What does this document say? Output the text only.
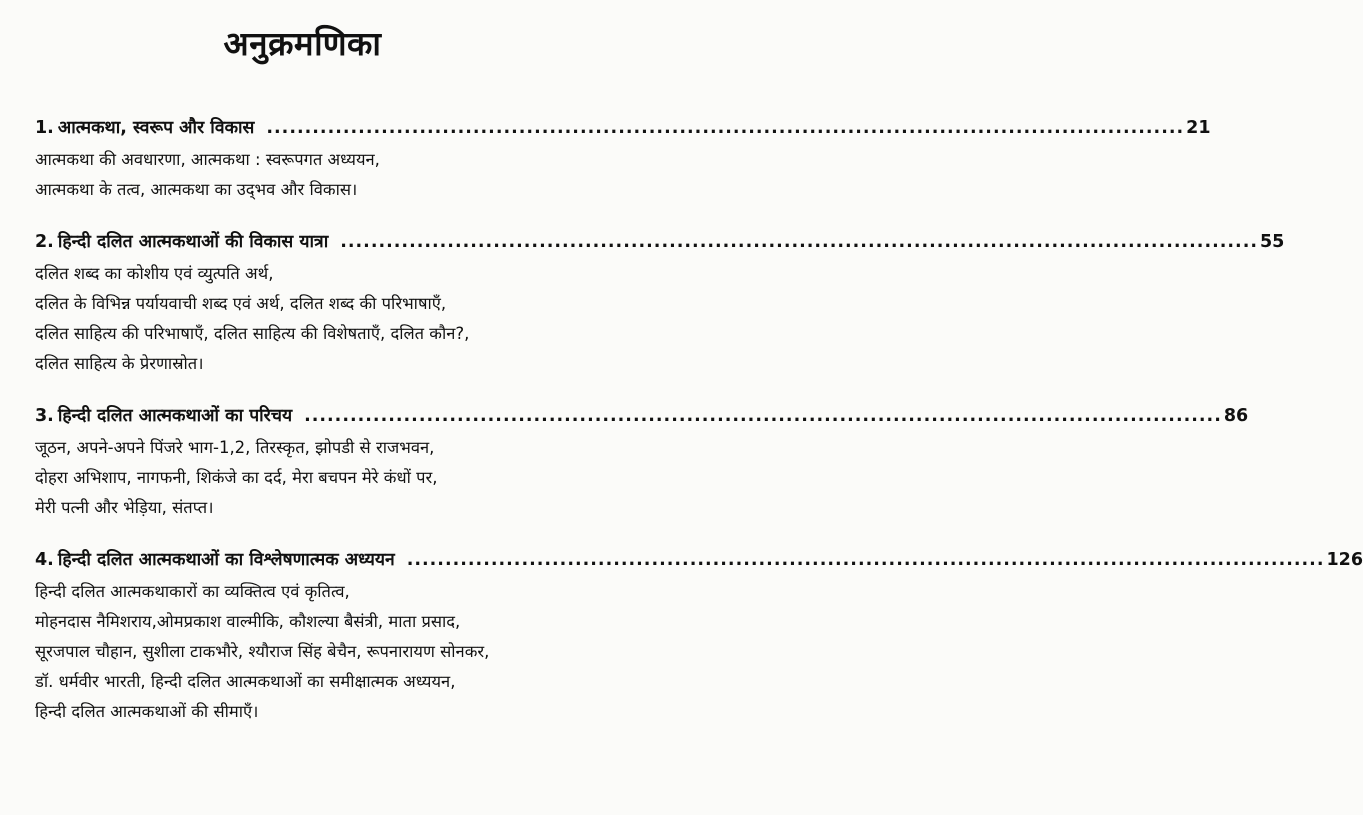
अनुक्रमणिका
1. आत्मकथा, स्वरूप और विकास ........................................................................................................................ 21
आत्मकथा की अवधारणा, आत्मकथा : स्वरूपगत अध्ययन,
आत्मकथा के तत्व, आत्मकथा का उद्‌भव और विकास।
2. हिन्दी दलित आत्मकथाओं की विकास यात्रा ........................................................................................................................ 55
दलित शब्द का कोशीय एवं व्युत्पति अर्थ,
दलित के विभिन्न पर्यायवाची शब्द एवं अर्थ, दलित शब्द की परिभाषाएँ,
दलित साहित्य की परिभाषाएँ, दलित साहित्य की विशेषताएँ, दलित कौन?,
दलित साहित्य के प्रेरणास्रोत।
3. हिन्दी दलित आत्मकथाओं का परिचय ........................................................................................................................ 86
जूठन, अपने-अपने पिंजरे भाग-1,2, तिरस्कृत, झोपडी से राजभवन,
दोहरा अभिशाप, नागफनी, शिकंजे का दर्द, मेरा बचपन मेरे कंधों पर,
मेरी पत्नी और भेड़िया, संतप्त।
4. हिन्दी दलित आत्मकथाओं का विश्लेषणात्मक अध्ययन ........................................................................................................................ 126
हिन्दी दलित आत्मकथाकारों का व्यक्तित्व एवं कृतित्व,
मोहनदास नैमिशराय,ओमप्रकाश वाल्मीकि, कौशल्या बैसंत्री, माता प्रसाद,
सूरजपाल चौहान, सुशीला टाकभौरे, श्यौराज सिंह बेचैन, रूपनारायण सोनकर,
डॉ. धर्मवीर भारती, हिन्दी दलित आत्मकथाओं का समीक्षात्मक अध्ययन,
हिन्दी दलित आत्मकथाओं की सीमाएँ।
